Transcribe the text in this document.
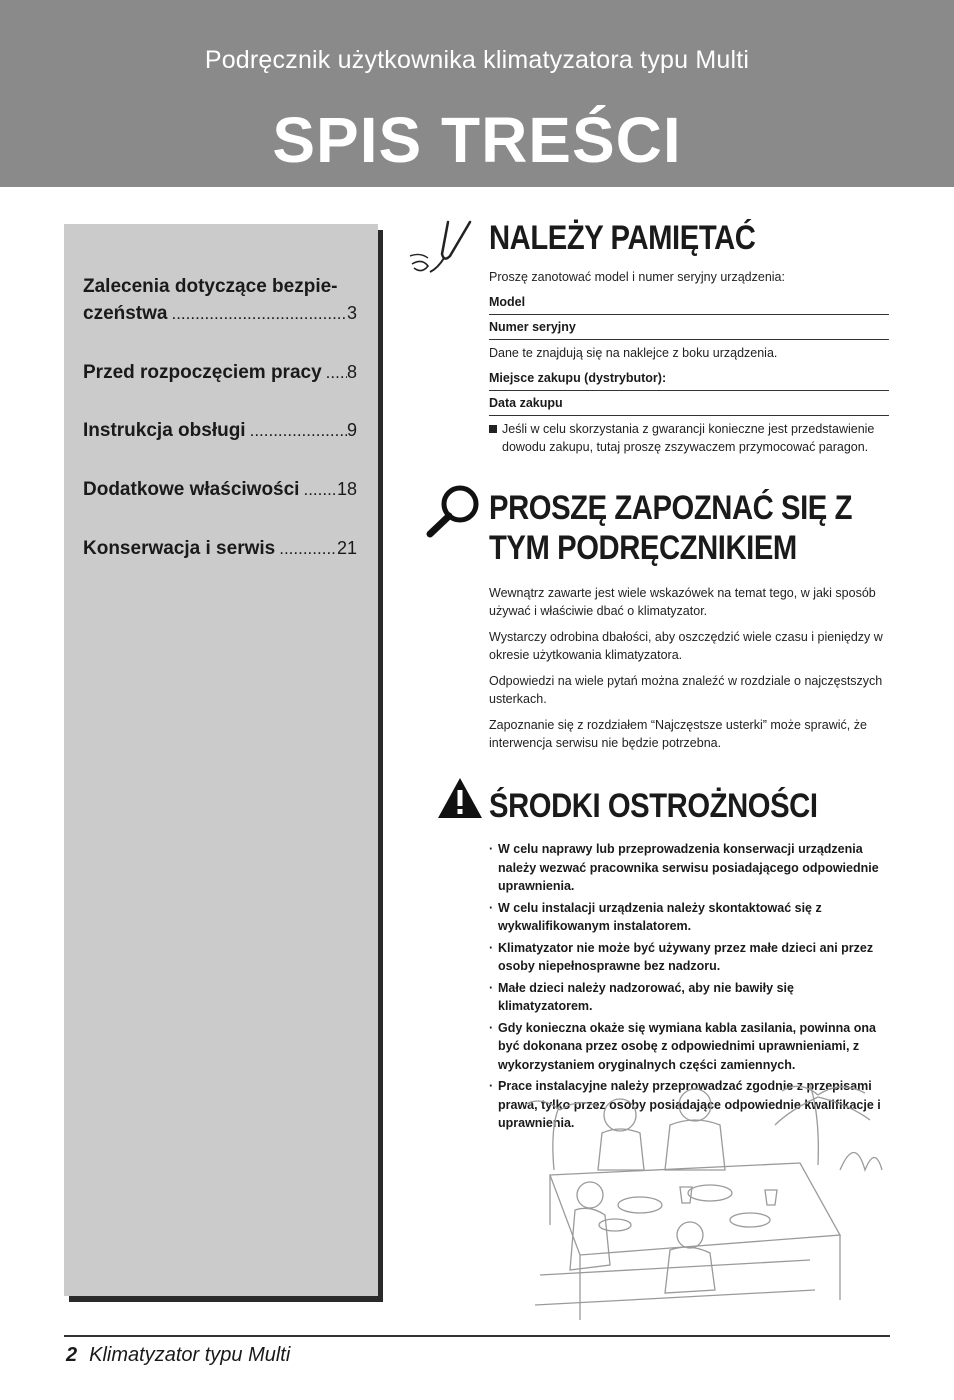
Podręcznik użytkownika klimatyzatora typu Multi
SPIS TREŚCI
Zalecenia dotyczące bezpie-
czeństwa .....	3
Przed rozpoczęciem pracy ..... 8
Instrukcja obsługi .....	9
Dodatkowe właściwości ..... 18
Konserwacja i serwis .....	21
NALEŻY PAMIĘTAĆ
Proszę zanotować model i numer seryjny urządzenia:
Model
Numer seryjny
Dane te znajdują się na naklejce z boku urządzenia.
Miejsce zakupu (dystrybutor):
Data zakupu
Jeśli w celu skorzystania z gwarancji konieczne jest przedstawienie dowodu zakupu, tutaj proszę zszywaczem przymocować paragon.
PROSZĘ ZAPOZNAĆ SIĘ Z
TYM PODRĘCZNIKIEM

Wewnątrz zawarte jest wiele wskazówek na temat tego, w jaki sposób używać i właściwie dbać o klimatyzator.

Wystarczy odrobina dbałości, aby oszczędzić wiele czasu i pieniędzy w okresie użytkowania klimatyzatora.

Odpowiedzi na wiele pytań można znaleźć w rozdziale o najczęstszych usterkach.

Zapoznanie się z rozdziałem “Najczęstsze usterki” może sprawić, że interwencja serwisu nie będzie potrzebna.

ŚRODKI OSTROŻNOŚCI
· W celu naprawy lub przeprowadzenia konserwacji urządzenia należy wezwać pracownika serwisu posiadającego odpowiednie uprawnienia.
· W celu instalacji urządzenia należy skontaktować się z wykwalifikowanym instalatorem.
· Klimatyzator nie może być używany przez małe dzieci ani przez osoby niepełnosprawne bez nadzoru.
· Małe dzieci należy nadzorować, aby nie bawiły się klimatyzatorem.
· Gdy konieczna okaże się wymiana kabla zasilania, powinna ona być dokonana przez osobę z odpowiednimi uprawnieniami, z wykorzystaniem oryginalnych części zamiennych.
· Prace instalacyjne należy przeprowadzać zgodnie z przepisami prawa, tylko przez osoby posiadające odpowiednie kwalifikacje i uprawnienia.
2 Klimatyzator typu Multi
